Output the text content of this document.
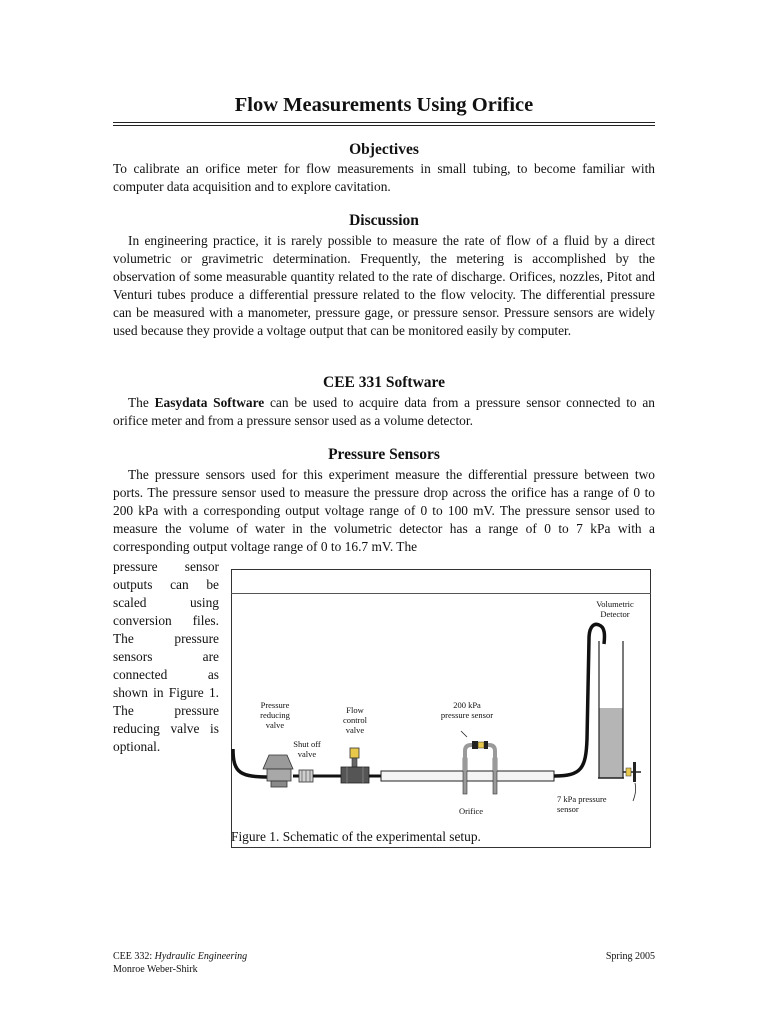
Flow Measurements Using Orifice
Objectives

To calibrate an orifice meter for flow measurements in small tubing, to become familiar with computer data acquisition and to explore cavitation.

Discussion

In engineering practice, it is rarely possible to measure the rate of flow of a fluid by a direct volumetric or gravimetric determination. Frequently, the metering is accomplished by the observation of some measurable quantity related to the rate of discharge. Orifices, nozzles, Pitot and Venturi tubes produce a differential pressure related to the flow velocity. The differential pressure can be measured with a manometer, pressure gage, or pressure sensor. Pressure sensors are widely used because they provide a voltage output that can be monitored easily by computer.

CEE 331 Software

The Easydata Software can be used to acquire data from a pressure sensor connected to an orifice meter and from a pressure sensor used as a volume detector.

Pressure Sensors

The pressure sensors used for this experiment measure the differential pressure between two ports. The pressure sensor used to measure the pressure drop across the orifice has a range of 0 to 200 kPa with a corresponding output voltage range of 0 to 100 mV. The pressure sensor used to measure the volume of water in the volumetric detector has a range of 0 to 7 kPa with a corresponding output voltage range of 0 to 16.7 mV. The

pressure sensor outputs can be scaled using conversion files. The pressure sensors are connected as shown in Figure 1. The pressure reducing valve is optional.

Volumetric
Detector
Pressure
reducing
valve
Shut off
valve
Flow
control
valve
200 kPa
pressure sensor
Orifice
7 kPa pressure
sensor

Figure 1. Schematic of the experimental setup.

CEE 332: Hydraulic Engineering

Monroe Weber-Shirk

Spring 2005
